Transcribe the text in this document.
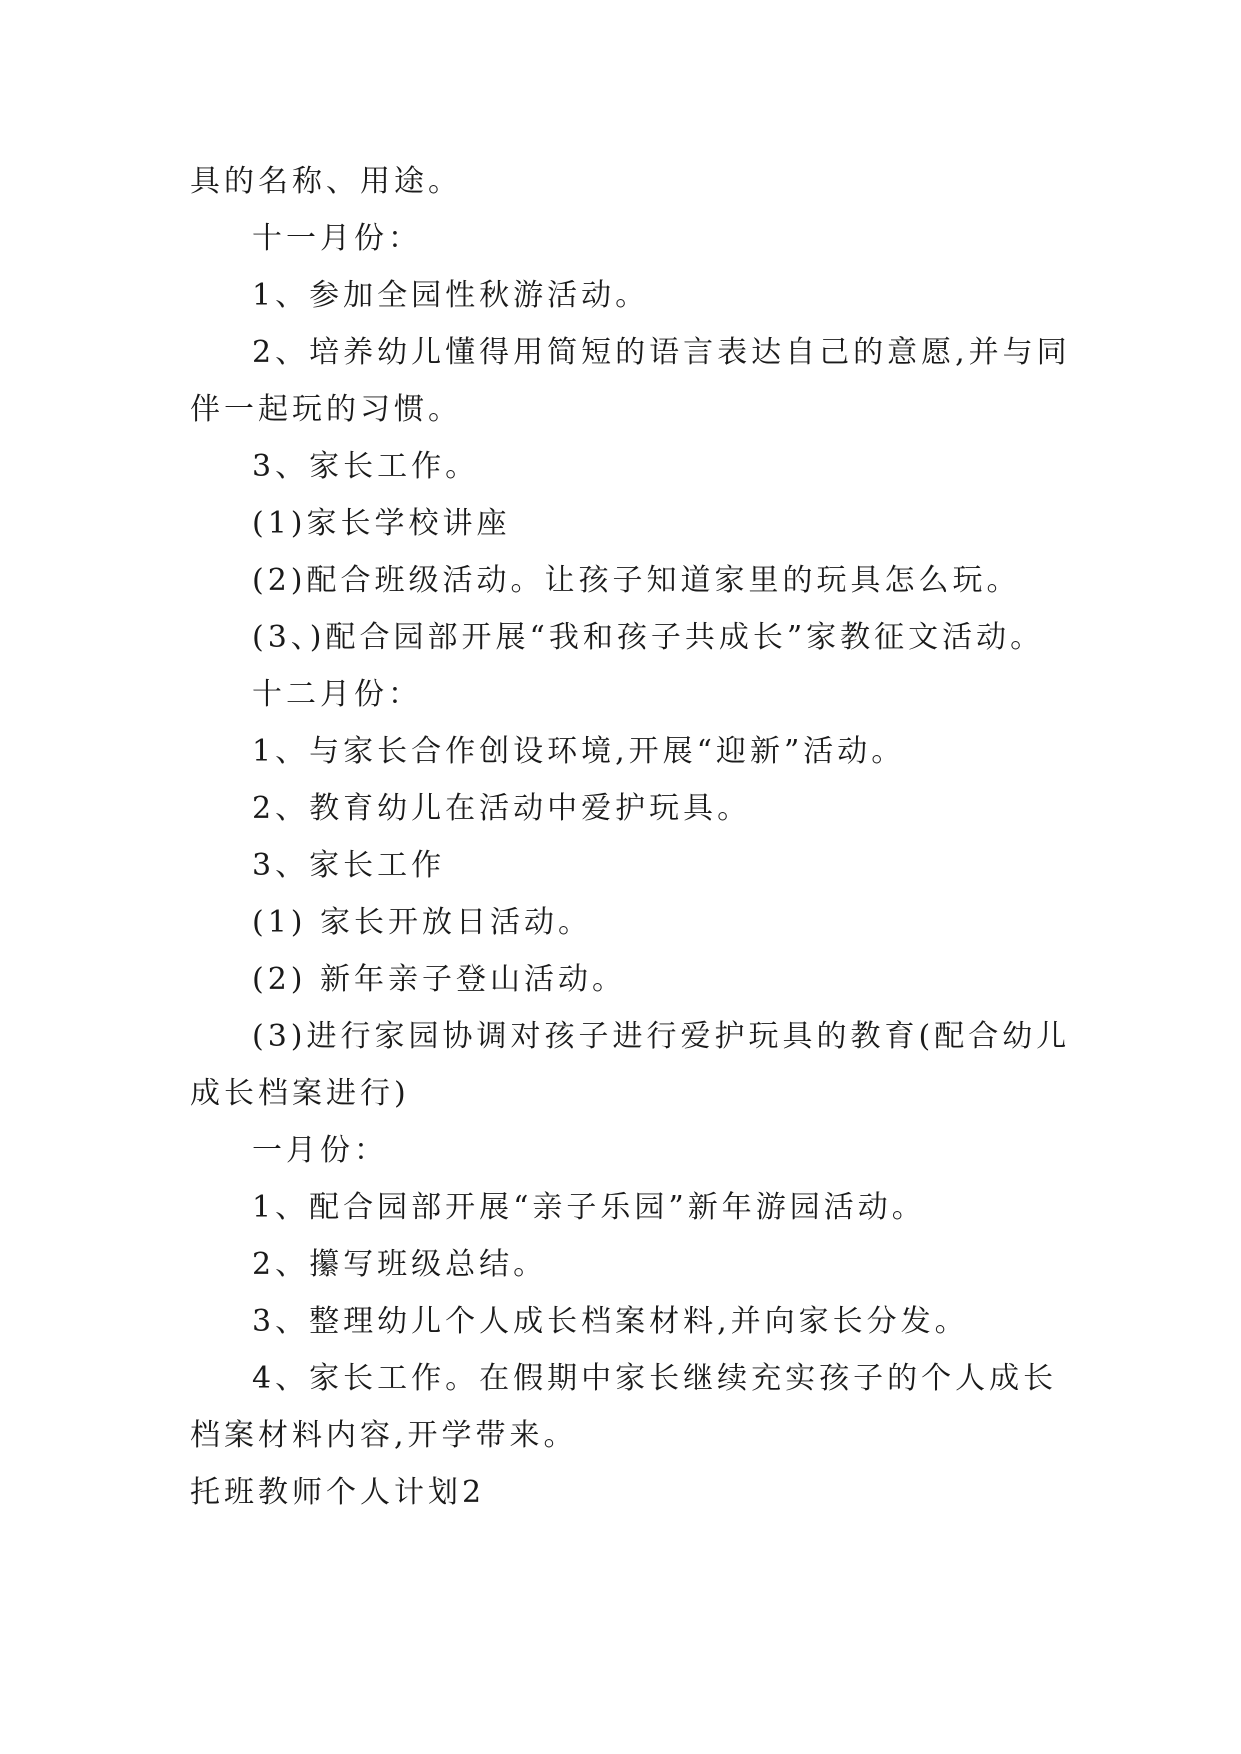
具的名称、用途。
十一月份：
1、参加全园性秋游活动。
2、培养幼儿懂得用简短的语言表达自己的意愿,并与同
伴一起玩的习惯。
3、家长工作。
(1)家长学校讲座
(2)配合班级活动。让孩子知道家里的玩具怎么玩。
(3、)配合园部开展“我和孩子共成长”家教征文活动。
十二月份：
1、与家长合作创设环境,开展“迎新”活动。
2、教育幼儿在活动中爱护玩具。
3、家长工作
(1) 家长开放日活动。
(2) 新年亲子登山活动。
(3)进行家园协调对孩子进行爱护玩具的教育(配合幼儿
成长档案进行)
一月份：
1、配合园部开展“亲子乐园”新年游园活动。
2、攥写班级总结。
3、整理幼儿个人成长档案材料,并向家长分发。
4、家长工作。在假期中家长继续充实孩子的个人成长
档案材料内容,开学带来。
托班教师个人计划2
